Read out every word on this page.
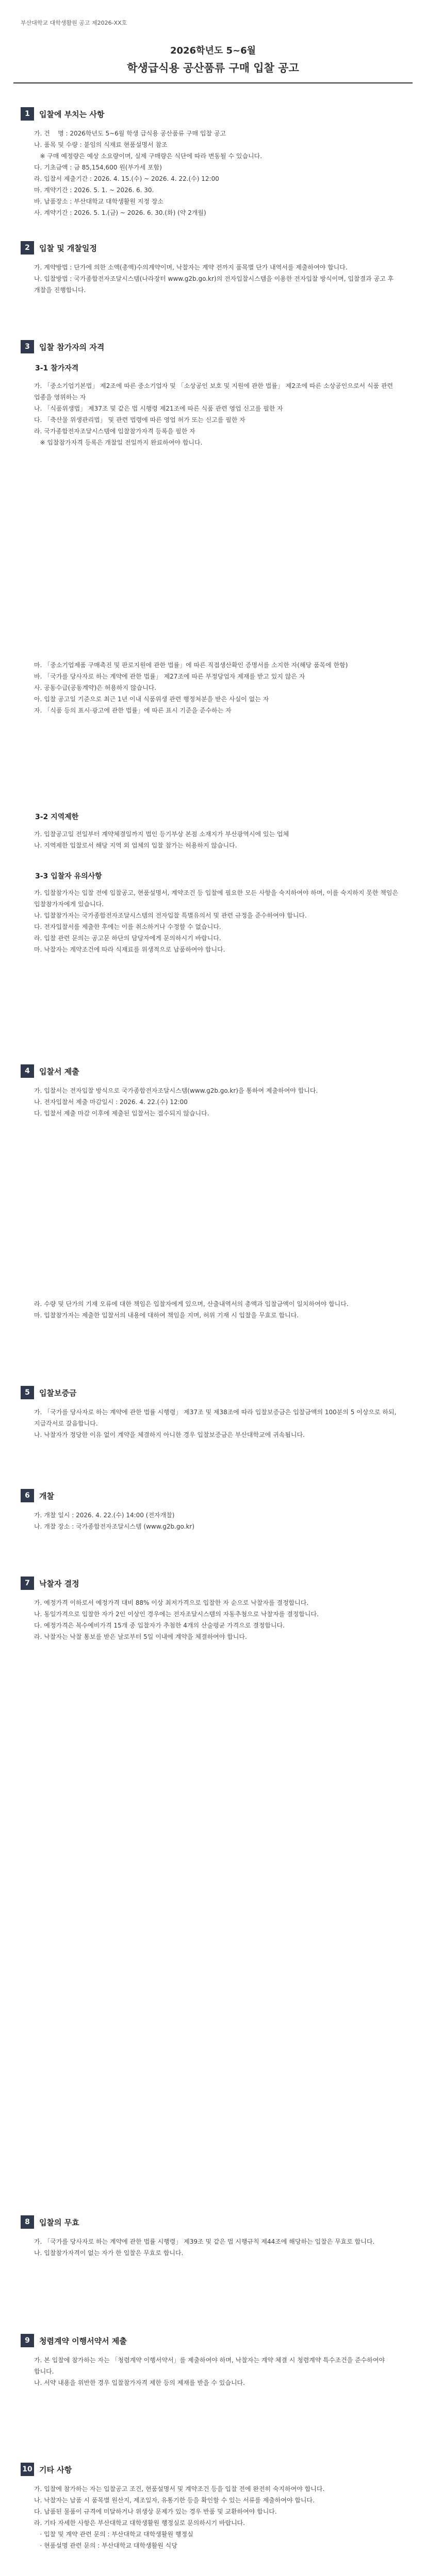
부산대학교 대학생활원 공고 제2026-XX호
2026학년도 5~6월
학생급식용 공산품류 구매 입찰 공고
1	입찰에 부치는 사항

가. 건    명 : 2026학년도 5~6월 학생 급식용 공산품류 구매 입찰 공고

나. 품목 및 수량 : 붙임의 식재료 현품설명서 참조

※ 구매 예정량은 예상 소요량이며, 실제 구매량은 식단에 따라 변동될 수 있습니다.

다. 기초금액 : 금 85,154,600 원(부가세 포함)

라. 입찰서 제출기간 : 2026. 4. 15.(수) ~ 2026. 4. 22.(수) 12:00

마. 계약기간 : 2026. 5. 1. ~ 2026. 6. 30.

바. 납품장소 : 부산대학교 대학생활원 지정 장소

사. 계약기간 : 2026. 5. 1.(금) ~ 2026. 6. 30.(화) (약 2개월)

2	입찰 및 개찰일정

가. 계약방법 : 단가에 의한 소액(총액)수의계약이며, 낙찰자는 계약 전까지 품목별 단가 내역서를 제출하여야 합니다.

나. 입찰방법 : 국가종합전자조달시스템(나라장터 www.g2b.go.kr)의 전자입찰시스템을 이용한 전자입찰 방식이며, 입찰결과 공고 후 개찰을 진행합니다.

3	입찰 참가자의 자격
3-1 참가자격

가. 「중소기업기본법」 제2조에 따른 중소기업자 및 「소상공인 보호 및 지원에 관한 법률」 제2조에 따른 소상공인으로서 식품 관련 업종을 영위하는 자

나. 「식품위생법」 제37조 및 같은 법 시행령 제21조에 따른 식품 관련 영업 신고를 필한 자

다. 「축산물 위생관리법」 및 관련 법령에 따른 영업 허가 또는 신고를 필한 자

라. 국가종합전자조달시스템에 입찰참가자격 등록을 필한 자

※ 입찰참가자격 등록은 개찰일 전일까지 완료하여야 합니다.

마. 「중소기업제품 구매촉진 및 판로지원에 관한 법률」에 따른 직접생산확인 증명서를 소지한 자(해당 품목에 한함)

바. 「국가를 당사자로 하는 계약에 관한 법률」 제27조에 따른 부정당업자 제재를 받고 있지 않은 자

사. 공동수급(공동계약)은 허용하지 않습니다.

아. 입찰 공고일 기준으로 최근 1년 이내 식품위생 관련 행정처분을 받은 사실이 없는 자

자. 「식품 등의 표시·광고에 관한 법률」에 따른 표시 기준을 준수하는 자

3-2 지역제한

가. 입찰공고일 전일부터 계약체결일까지 법인 등기부상 본점 소재지가 부산광역시에 있는 업체

나. 지역제한 입찰로서 해당 지역 외 업체의 입찰 참가는 허용하지 않습니다.

3-3 입찰자 유의사항

가. 입찰참가자는 입찰 전에 입찰공고, 현품설명서, 계약조건 등 입찰에 필요한 모든 사항을 숙지하여야 하며, 이를 숙지하지 못한 책임은 입찰참가자에게 있습니다.

나. 입찰참가자는 국가종합전자조달시스템의 전자입찰 특별유의서 및 관련 규정을 준수하여야 합니다.

다. 전자입찰서를 제출한 후에는 이를 취소하거나 수정할 수 없습니다.

라. 입찰 관련 문의는 공고문 하단의 담당자에게 문의하시기 바랍니다.

마. 낙찰자는 계약조건에 따라 식재료를 위생적으로 납품하여야 합니다.

4	입찰서 제출

가. 입찰서는 전자입찰 방식으로 국가종합전자조달시스템(www.g2b.go.kr)을 통하여 제출하여야 합니다.

나. 전자입찰서 제출 마감일시 : 2026. 4. 22.(수) 12:00

다. 입찰서 제출 마감 이후에 제출된 입찰서는 접수되지 않습니다.

라. 수량 및 단가의 기재 오류에 대한 책임은 입찰자에게 있으며, 산출내역서의 총액과 입찰금액이 일치하여야 합니다.

마. 입찰참가자는 제출한 입찰서의 내용에 대하여 책임을 지며, 허위 기재 시 입찰을 무효로 합니다.

5	입찰보증금

가. 「국가를 당사자로 하는 계약에 관한 법률 시행령」 제37조 및 제38조에 따라 입찰보증금은 입찰금액의 100분의 5 이상으로 하되, 지급각서로 갈음합니다.

나. 낙찰자가 정당한 이유 없이 계약을 체결하지 아니한 경우 입찰보증금은 부산대학교에 귀속됩니다.

6	개찰

가. 개찰 일시 : 2026. 4. 22.(수) 14:00 (전자개찰)

나. 개찰 장소 : 국가종합전자조달시스템 (www.g2b.go.kr)

7	낙찰자 결정

가. 예정가격 이하로서 예정가격 대비 88% 이상 최저가격으로 입찰한 자 순으로 낙찰자를 결정합니다.

나. 동일가격으로 입찰한 자가 2인 이상인 경우에는 전자조달시스템의 자동추첨으로 낙찰자를 결정합니다.

다. 예정가격은 복수예비가격 15개 중 입찰자가 추첨한 4개의 산술평균 가격으로 결정합니다.

라. 낙찰자는 낙찰 통보를 받은 날로부터 5일 이내에 계약을 체결하여야 합니다.

8	입찰의 무효

가. 「국가를 당사자로 하는 계약에 관한 법률 시행령」 제39조 및 같은 법 시행규칙 제44조에 해당하는 입찰은 무효로 합니다.

나. 입찰참가자격이 없는 자가 한 입찰은 무효로 합니다.

9	청렴계약 이행서약서 제출

가. 본 입찰에 참가하는 자는 「청렴계약 이행서약서」를 제출하여야 하며, 낙찰자는 계약 체결 시 청렴계약 특수조건을 준수하여야 합니다.

나. 서약 내용을 위반한 경우 입찰참가자격 제한 등의 제재를 받을 수 있습니다.

10 기타 사항

가. 입찰에 참가하는 자는 입찰공고 조건, 현품설명서 및 계약조건 등을 입찰 전에 완전히 숙지하여야 합니다.

나. 낙찰자는 납품 시 품목별 원산지, 제조일자, 유통기한 등을 확인할 수 있는 서류를 제출하여야 합니다.

다. 납품된 물품이 규격에 미달하거나 위생상 문제가 있는 경우 반품 및 교환하여야 합니다.

라. 기타 자세한 사항은 부산대학교 대학생활원 행정실로 문의하시기 바랍니다.

· 입찰 및 계약 관련 문의 : 부산대학교 대학생활원 행정실

· 현품설명 관련 문의 : 부산대학교 대학생활원 식당
